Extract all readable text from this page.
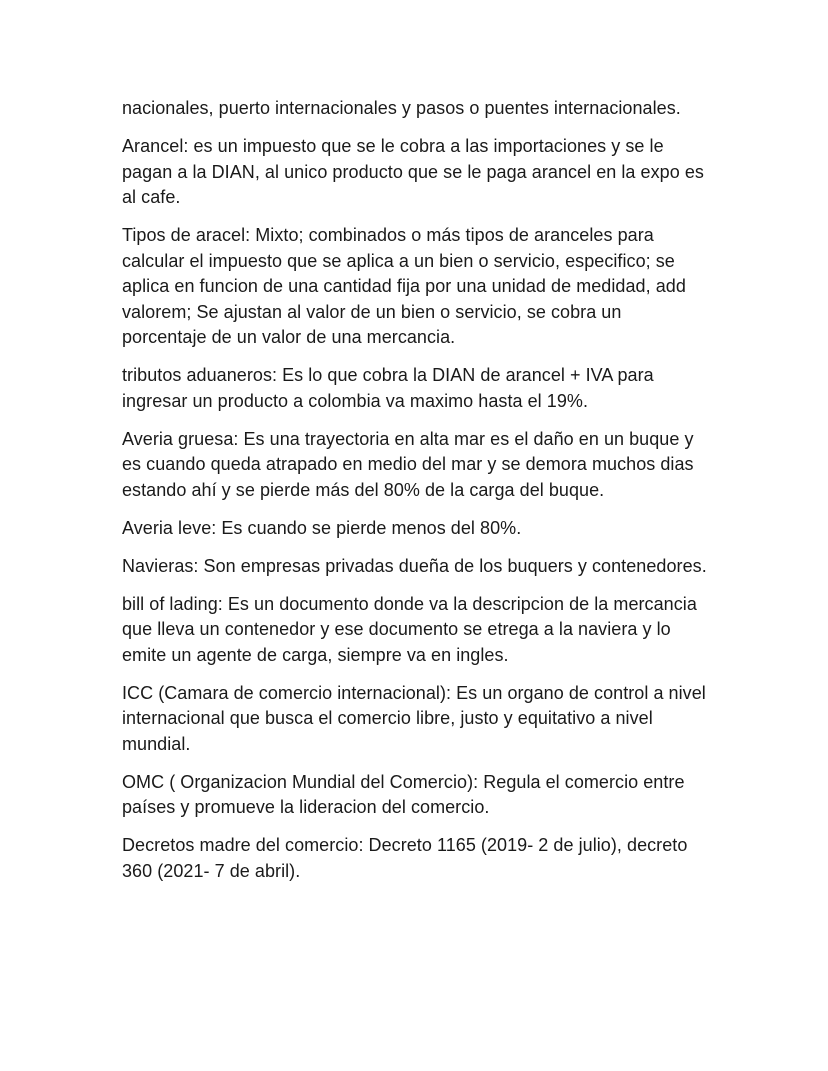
nacionales, puerto internacionales y pasos o puentes internacionales.

Arancel: es un impuesto que se le cobra a las importaciones y se le pagan a la DIAN, al unico producto que se le paga arancel en la expo es al cafe.

Tipos de aracel: Mixto; combinados o más tipos de aranceles para calcular el impuesto que se aplica a un bien o servicio, especifico; se aplica en funcion de una cantidad fija por una unidad de medidad, add valorem; Se ajustan al valor de un bien o servicio, se cobra un porcentaje de un valor de una mercancia.

tributos aduaneros: Es lo que cobra la DIAN de arancel + IVA para ingresar un producto a colombia va maximo hasta el 19%.

Averia gruesa: Es una trayectoria en alta mar es el daño en un buque y es cuando queda atrapado en medio del mar y se demora muchos dias estando ahí y se pierde más del 80% de la carga del buque.

Averia leve: Es cuando se pierde menos del 80%.

Navieras: Son empresas privadas dueña de los buquers y contenedores.

bill of lading: Es un documento donde va la descripcion de la mercancia que lleva un contenedor y ese documento se etrega a la naviera y lo emite un agente de carga, siempre va en ingles.

ICC (Camara de comercio internacional): Es un organo de control a nivel internacional que busca el comercio libre, justo y equitativo a nivel mundial.

OMC ( Organizacion Mundial del Comercio): Regula el comercio entre países y promueve la lideracion del comercio.

Decretos madre del comercio: Decreto 1165 (2019- 2 de julio), decreto 360 (2021- 7 de abril).
